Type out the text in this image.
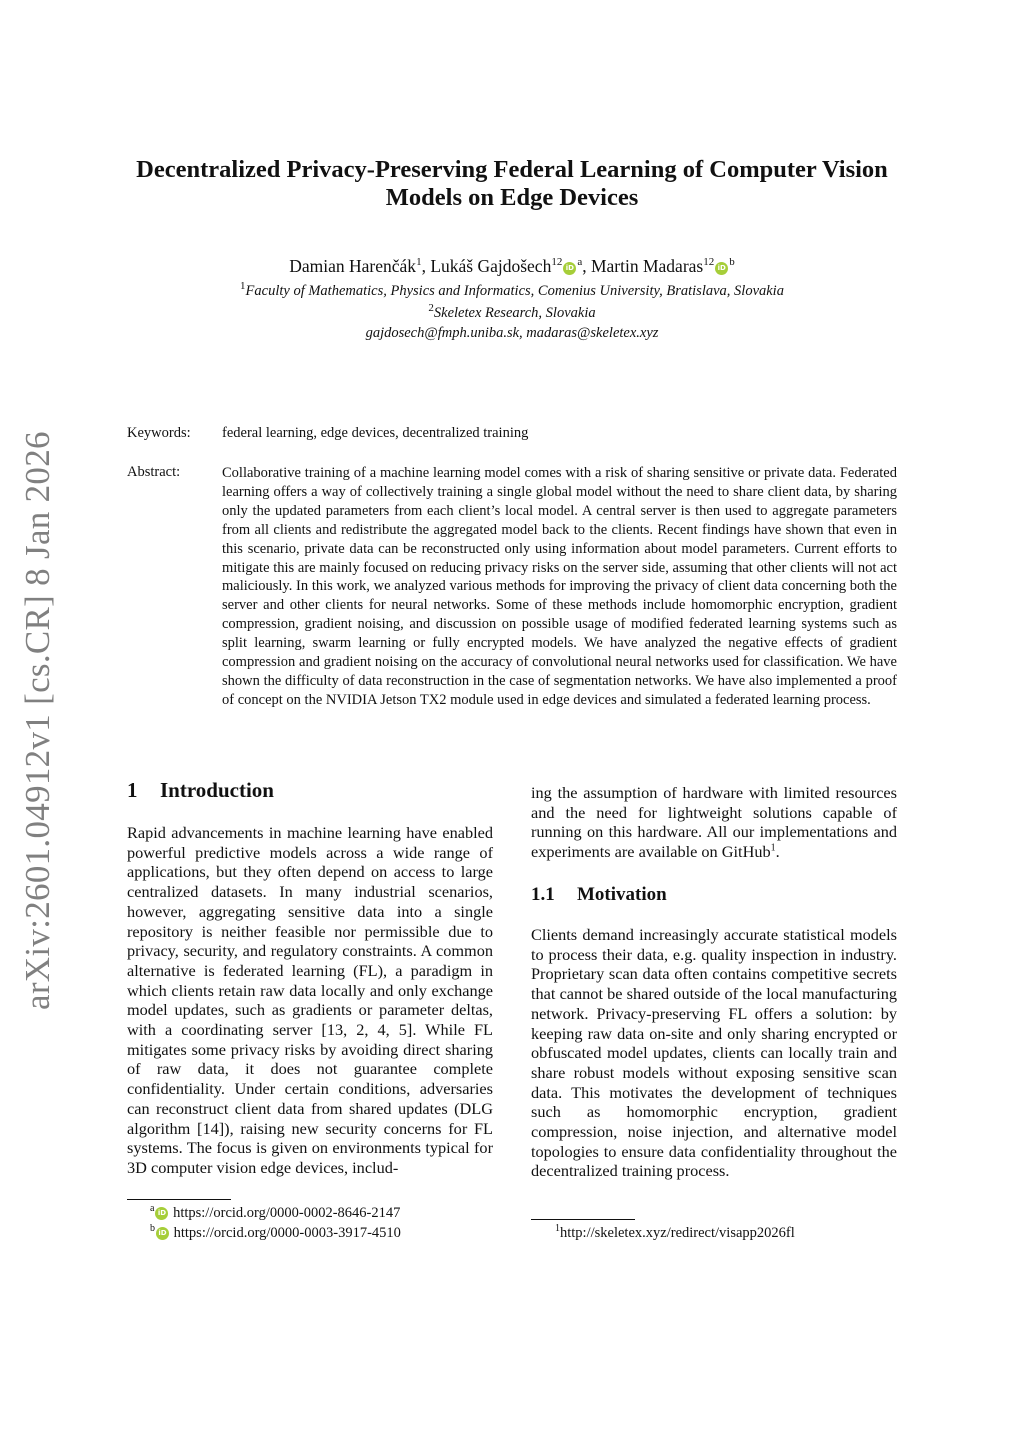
arXiv:2601.04912v1 [cs.CR] 8 Jan 2026
Decentralized Privacy-Preserving Federal Learning of Computer Vision Models on Edge Devices
Damian Harenčák$^1$, Lukáš Gajdošech$^{12}$ iD $^a$, Martin Madaras$^{12}$ iD $^b$
$^1$Faculty of Mathematics, Physics and Informatics, Comenius University, Bratislava, Slovakia
$^2$Skeletex Research, Slovakia
gajdosech@fmph.uniba.sk, madaras@skeletex.xyz
Keywords: federal learning, edge devices, decentralized training
Abstract:	Collaborative training of a machine learning model comes with a risk of sharing sensitive or private data. Federated learning offers a way of collectively training a single global model without the need to share client data, by sharing only the updated parameters from each client’s local model. A central server is then used to aggregate parameters from all clients and redistribute the aggregated model back to the clients. Recent findings have shown that even in this scenario, private data can be reconstructed only using information about model parameters. Current efforts to mitigate this are mainly focused on reducing privacy risks on the server side, assuming that other clients will not act maliciously. In this work, we analyzed various methods for improving the privacy of client data concerning both the server and other clients for neural networks. Some of these methods include homomorphic encryption, gradient compression, gradient noising, and discussion on possible usage of modified federated learning systems such as split learning, swarm learning or fully encrypted models. We have analyzed the negative effects of gradient compression and gradient noising on the accuracy of convolutional neural networks used for classification. We have shown the difficulty of data reconstruction in the case of segmentation networks. We have also implemented a proof of concept on the NVIDIA Jetson TX2 module used in edge devices and simulated a federated learning process.
1 Introduction
Rapid advancements in machine learning have enabled powerful predictive models across a wide range of applications, but they often depend on access to large centralized datasets. In many industrial scenarios, however, aggregating sensitive data into a single repository is neither feasible nor permissible due to privacy, security, and regulatory constraints. A common alternative is federated learning (FL), a paradigm in which clients retain raw data locally and only exchange model updates, such as gradients or parameter deltas, with a coordinating server [13, 2, 4, 5]. While FL mitigates some privacy risks by avoiding direct sharing of raw data, it does not guarantee complete confidentiality. Under certain conditions, adversaries can reconstruct client data from shared updates (DLG algorithm [14]), raising new security concerns for FL systems. The focus is given on environments typical for 3D computer vision edge devices, includ-
ing the assumption of hardware with limited resources and the need for lightweight solutions capable of running on this hardware. All our implementations and experiments are available on GitHub$^1$.
1.1 Motivation
Clients demand increasingly accurate statistical models to process their data, e.g. quality inspection in industry. Proprietary scan data often contains competitive secrets that cannot be shared outside of the local manufacturing network. Privacy-preserving FL offers a solution: by keeping raw data on-site and only sharing encrypted or obfuscated model updates, clients can locally train and share robust models without exposing sensitive scan data. This motivates the development of techniques such as homomorphic encryption, gradient compression, noise injection, and alternative model topologies to ensure data confidentiality throughout the decentralized training process.
$^a$ iD https://orcid.org/0000-0002-8646-2147
$^b$ iD https://orcid.org/0000-0003-3917-4510	$^1$http://skeletex.xyz/redirect/visapp2026fl
